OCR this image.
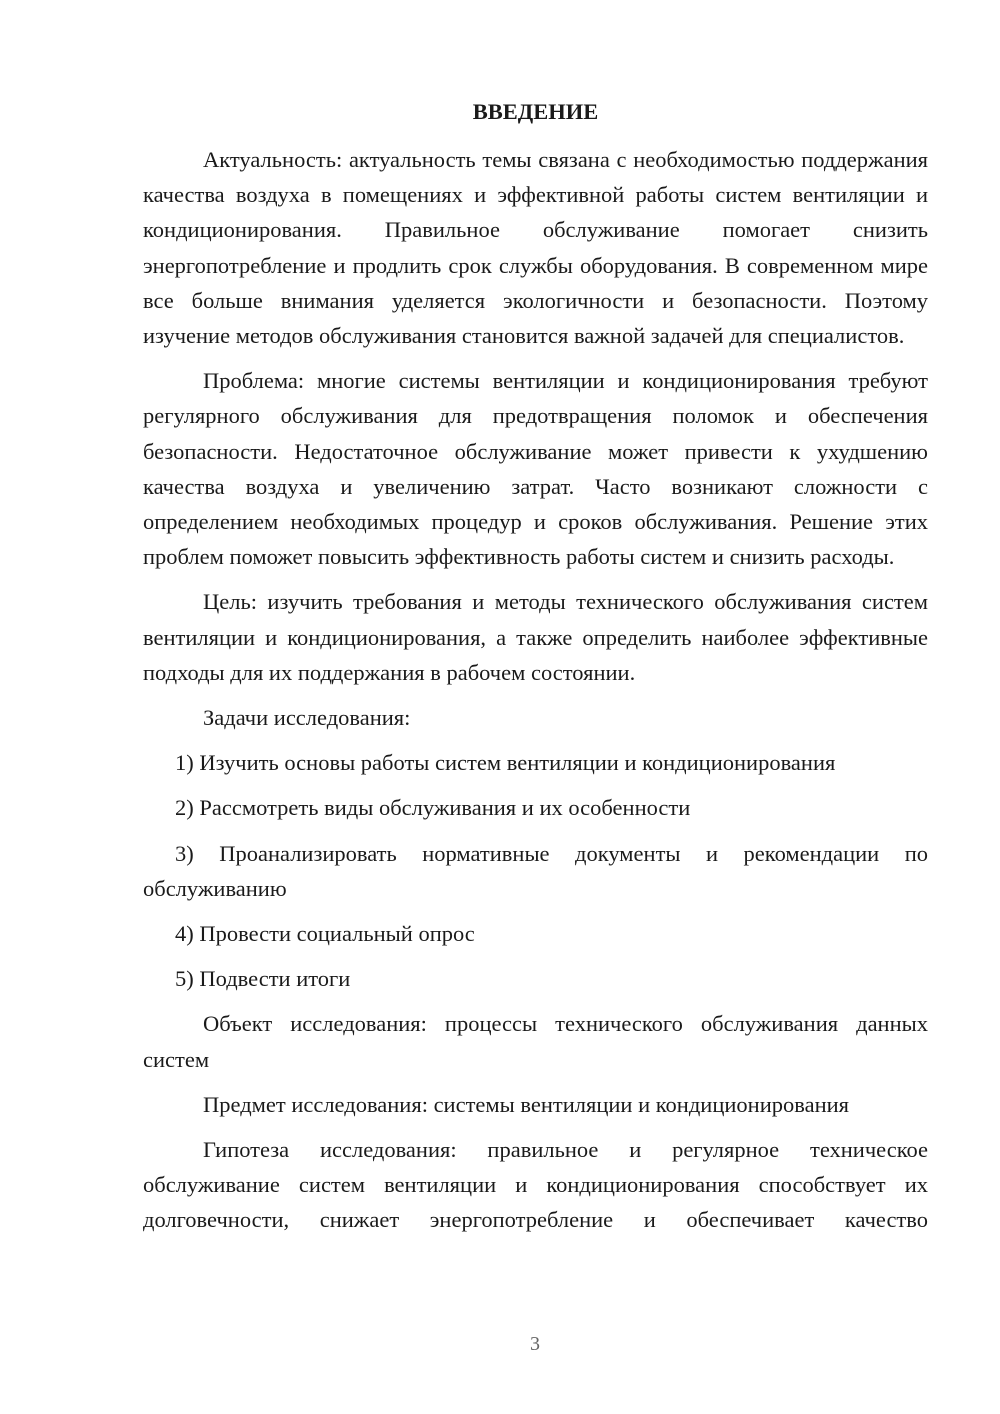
ВВЕДЕНИЕ

Актуальность: актуальность темы связана с необходимостью поддержания качества воздуха в помещениях и эффективной работы систем вентиляции и кондиционирования. Правильное обслуживание помогает снизить энергопотребление и продлить срок службы оборудования. В современном мире все больше внимания уделяется экологичности и безопасности. Поэтому изучение методов обслуживания становится важной задачей для специалистов.

Проблема: многие системы вентиляции и кондиционирования требуют регулярного обслуживания для предотвращения поломок и обеспечения безопасности. Недостаточное обслуживание может привести к ухудшению качества воздуха и увеличению затрат. Часто возникают сложности с определением необходимых процедур и сроков обслуживания. Решение этих проблем поможет повысить эффективность работы систем и снизить расходы.

Цель: изучить требования и методы технического обслуживания систем вентиляции и кондиционирования, а также определить наиболее эффективные подходы для их поддержания в рабочем состоянии.

Задачи исследования:

1) Изучить основы работы систем вентиляции и кондиционирования

2) Рассмотреть виды обслуживания и их особенности

3) Проанализировать нормативные документы и рекомендации по обслуживанию

4) Провести социальный опрос

5) Подвести итоги

Объект исследования: процессы технического обслуживания данных систем

Предмет исследования: системы вентиляции и кондиционирования

Гипотеза исследования: правильное и регулярное техническое обслуживание систем вентиляции и кондиционирования способствует их долговечности, снижает энергопотребление и обеспечивает качество

3
